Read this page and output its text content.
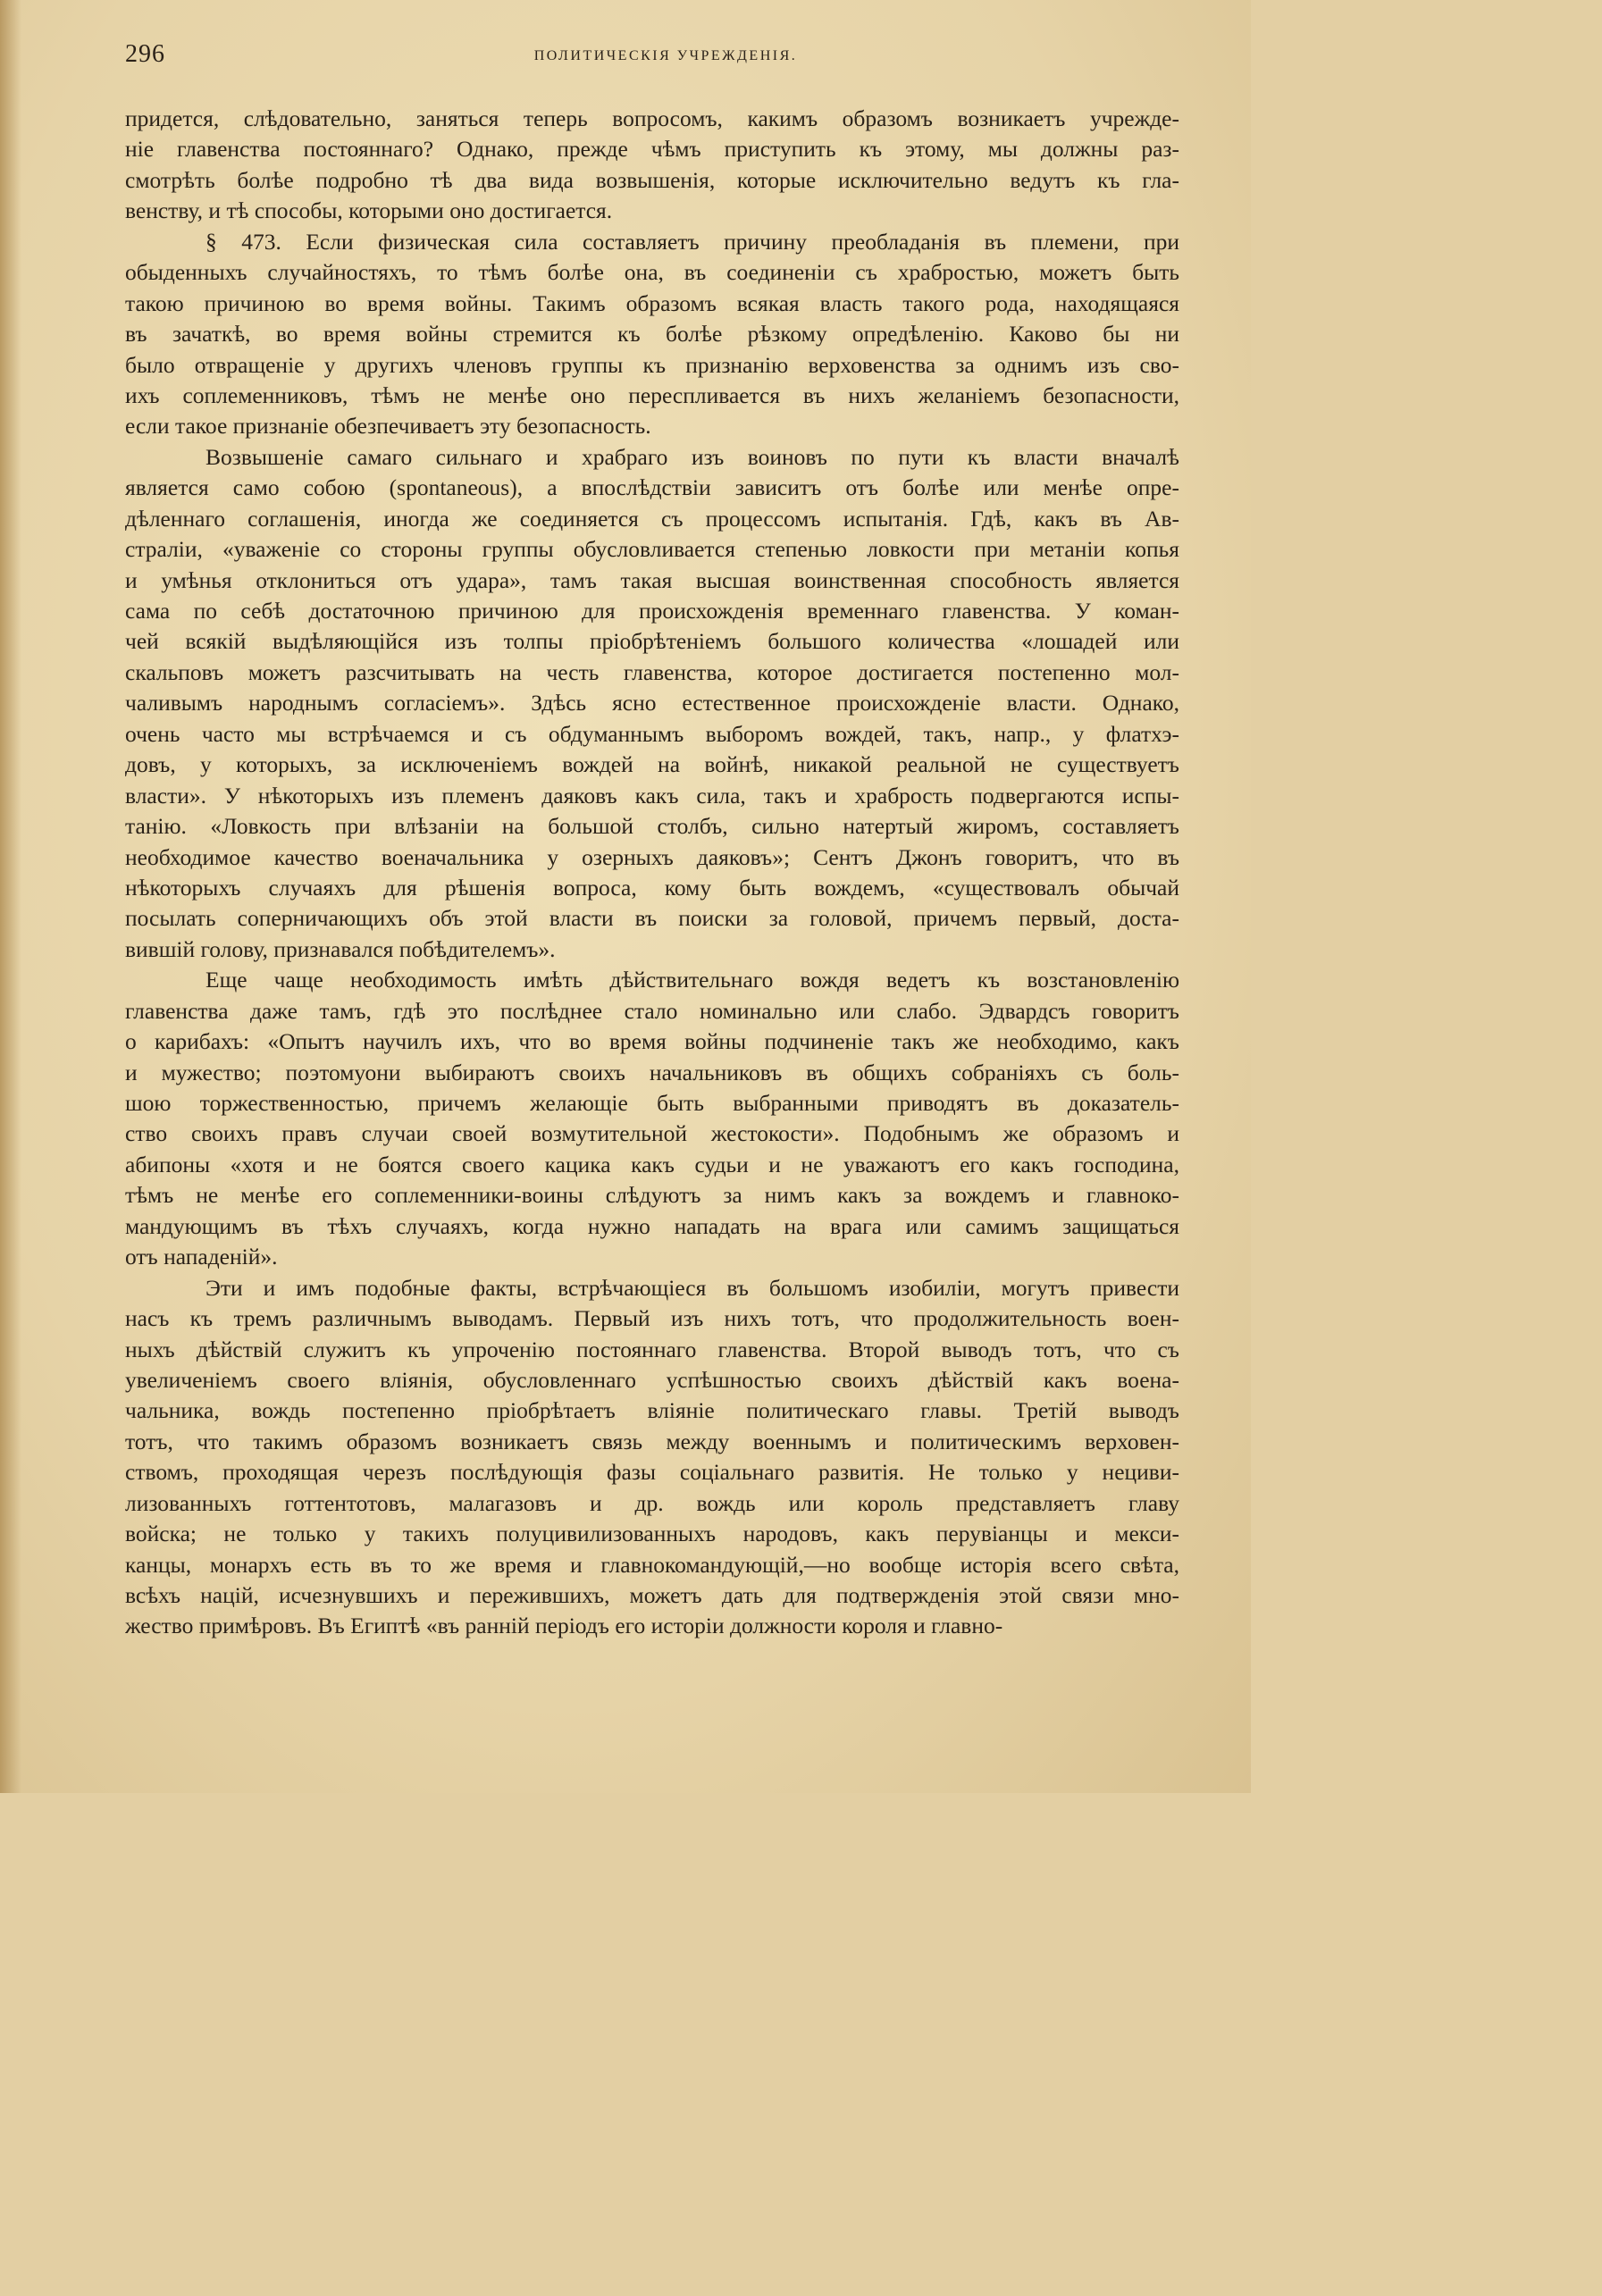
296	ПОЛИТИЧЕСКІЯ УЧРЕЖДЕНІЯ.
придется, слѣдовательно, заняться теперь вопросомъ, какимъ образомъ возникаетъ учрежде-
ніе главенства постояннаго? Однако, прежде чѣмъ приступить къ этому, мы должны раз-
смотрѣть болѣе подробно тѣ два вида возвышенія, которые исключительно ведутъ къ гла-
венству, и тѣ способы, которыми оно достигается.
§ 473. Если физическая сила составляетъ причину преобладанія въ племени, при
обыденныхъ случайностяхъ, то тѣмъ болѣе она, въ соединеніи съ храбростью, можетъ быть
такою причиною во время войны. Такимъ образомъ всякая власть такого рода, находящаяся
въ зачаткѣ, во время войны стремится къ болѣе рѣзкому опредѣленію. Каково бы ни
было отвращеніе у другихъ членовъ группы къ признанію верховенства за однимъ изъ сво-
ихъ соплеменниковъ, тѣмъ не менѣе оно переспливается въ нихъ желаніемъ безопасности,
если такое признаніе обезпечиваетъ эту безопасность.
Возвышеніе самаго сильнаго и храбраго изъ воиновъ по пути къ власти вначалѣ
является само собою (spontaneous), а впослѣдствіи зависитъ отъ болѣе или менѣе опре-
дѣленнаго соглашенія, иногда же соединяется съ процессомъ испытанія. Гдѣ, какъ въ Ав-
страліи, «уваженіе со стороны группы обусловливается степенью ловкости при метаніи копья
и умѣнья отклониться отъ удара», тамъ такая высшая воинственная способность является
сама по себѣ достаточною причиною для происхожденія временнаго главенства. У коман-
чей всякій выдѣляющійся изъ толпы пріобрѣтеніемъ большого количества «лошадей или
скальповъ можетъ разсчитывать на честь главенства, которое достигается постепенно мол-
чаливымъ народнымъ согласіемъ». Здѣсь ясно естественное происхожденіе власти. Однако,
очень часто мы встрѣчаемся и съ обдуманнымъ выборомъ вождей, такъ, напр., у флатхэ-
довъ, у которыхъ, за исключеніемъ вождей на войнѣ, никакой реальной не существуетъ
власти». У нѣкоторыхъ изъ племенъ даяковъ какъ сила, такъ и храбрость подвергаются испы-
танію. «Ловкость при влѣзаніи на большой столбъ, сильно натертый жиромъ, составляетъ
необходимое качество военачальника у озерныхъ даяковъ»; Сентъ Джонъ говоритъ, что въ
нѣкоторыхъ случаяхъ для рѣшенія вопроса, кому быть вождемъ, «существовалъ обычай
посылать соперничающихъ объ этой власти въ поиски за головой, причемъ первый, доста-
вившій голову, признавался побѣдителемъ».
Еще чаще необходимость имѣть дѣйствительнаго вождя ведетъ къ возстановленію
главенства даже тамъ, гдѣ это послѣднее стало номинально или слабо. Эдвардсъ говоритъ
о карибахъ: «Опытъ научилъ ихъ, что во время войны подчиненіе такъ же необходимо, какъ
и мужество; поэтомуони выбираютъ своихъ начальниковъ въ общихъ собраніяхъ съ боль-
шою торжественностью, причемъ желающіе быть выбранными приводятъ въ доказатель-
ство своихъ правъ случаи своей возмутительной жестокости». Подобнымъ же образомъ и
абипоны «хотя и не боятся своего кацика какъ судьи и не уважаютъ его какъ господина,
тѣмъ не менѣе его соплеменники-воины слѣдуютъ за нимъ какъ за вождемъ и главноко-
мандующимъ въ тѣхъ случаяхъ, когда нужно нападать на врага или самимъ защищаться
отъ нападеній».
Эти и имъ подобные факты, встрѣчающіеся въ большомъ изобиліи, могутъ привести
насъ къ тремъ различнымъ выводамъ. Первый изъ нихъ тотъ, что продолжительность воен-
ныхъ дѣйствій служитъ къ упроченію постояннаго главенства. Второй выводъ тотъ, что съ
увеличеніемъ своего вліянія, обусловленнаго успѣшностью своихъ дѣйствій какъ воена-
чальника, вождь постепенно пріобрѣтаетъ вліяніе политическаго главы. Третій выводъ
тотъ, что такимъ образомъ возникаетъ связь между военнымъ и политическимъ верховен-
ствомъ, проходящая черезъ послѣдующія фазы соціальнаго развитія. Не только у нециви-
лизованныхъ готтентотовъ, малагазовъ и др. вождь или король представляетъ главу
войска; не только у такихъ полуцивилизованныхъ народовъ, какъ перувіанцы и мекси-
канцы, монархъ есть въ то же время и главнокомандующій,—но вообще исторія всего свѣта,
всѣхъ націй, исчезнувшихъ и пережившихъ, можетъ дать для подтвержденія этой связи мно-
жество примѣровъ. Въ Египтѣ «въ ранній періодъ его исторіи должности короля и главно-
